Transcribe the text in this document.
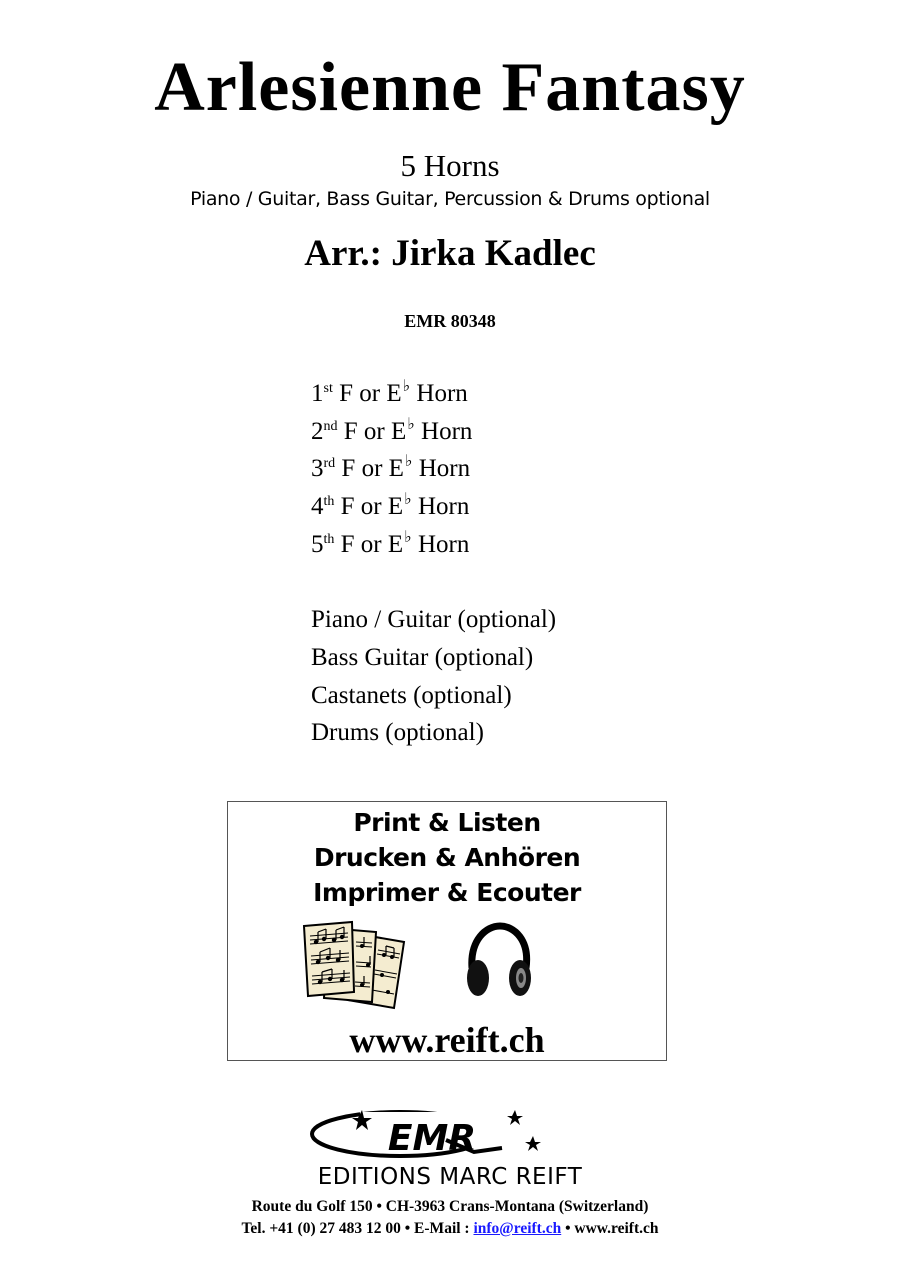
Arlesienne Fantasy
5 Horns
Piano / Guitar, Bass Guitar, Percussion & Drums optional
Arr.: Jirka Kadlec
EMR 80348
1st F or E♭ Horn
2nd F or E♭ Horn
3rd F or E♭ Horn
4th F or E♭ Horn
5th F or E♭ Horn
Piano / Guitar (optional)
Bass Guitar (optional)
Castanets (optional)
Drums (optional)
Print & Listen
Drucken & Anhören
Imprimer & Ecouter
www.reift.ch
EMR
EDITIONS MARC REIFT
Route du Golf 150 • CH-3963 Crans-Montana (Switzerland)
Tel. +41 (0) 27 483 12 00 • E-Mail : info@reift.ch • www.reift.ch
